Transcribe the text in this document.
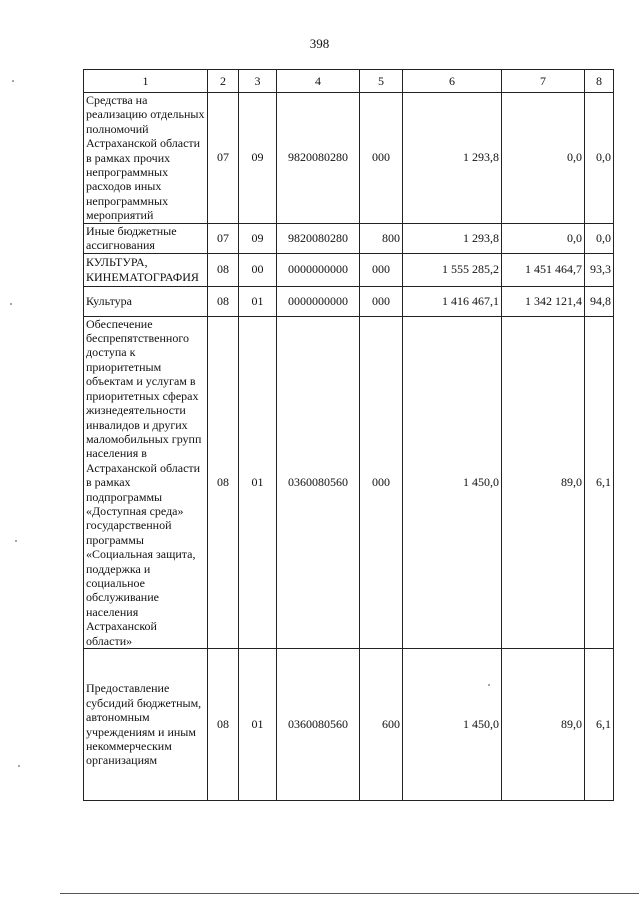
398
1	2	3	4	5	6	7	8
Средства на реализацию отдельных полномочий Астраханской области в рамках прочих непрограммных расходов иных непрограммных мероприятий	07	09	9820080280	000	1 293,8	0,0	0,0
Иные бюджетные ассигнования	07	09	9820080280	800	1 293,8	0,0	0,0
КУЛЬТУРА, КИНЕМАТОГРАФИЯ	08	00	0000000000	000	1 555 285,2	1 451 464,7	93,3
Культура	08	01	0000000000	000	1 416 467,1	1 342 121,4	94,8
Обеспечение беспрепятственного доступа к приоритетным объектам и услугам в приоритетных сферах жизнедеятельности инвалидов и других маломобильных групп населения в Астраханской области в рамках подпрограммы «Доступная среда» государственной программы «Социальная защита, поддержка и социальное обслуживание населения Астраханской области»	08	01	0360080560	000	1 450,0	89,0	6,1
Предоставление субсидий бюджетным, автономным учреждениям и иным некоммерческим организациям	08	01	0360080560	600	1 450,0	89,0	6,1
